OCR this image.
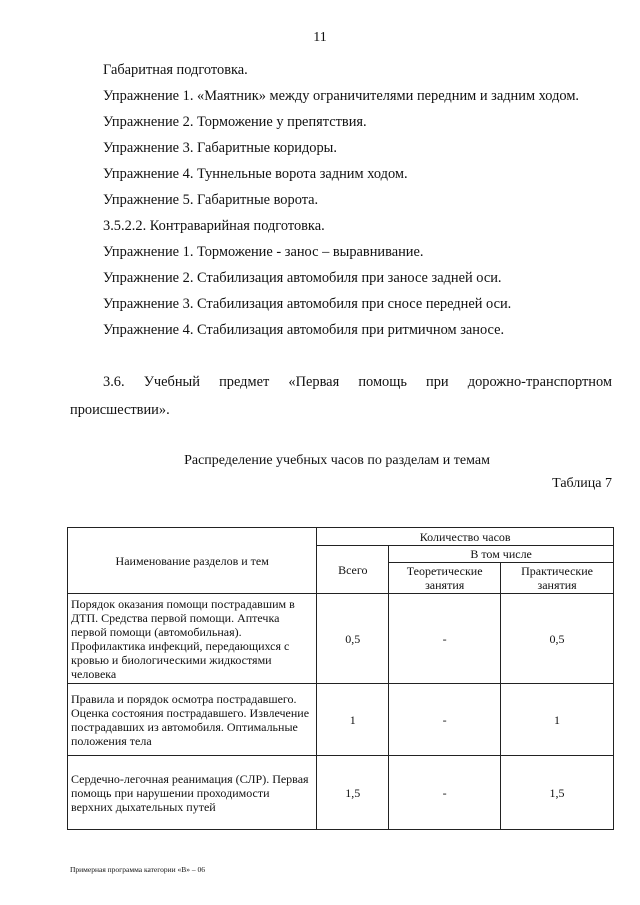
11
Габаритная подготовка.
Упражнение 1. «Маятник» между ограничителями передним и задним ходом.
Упражнение 2. Торможение у препятствия.
Упражнение 3. Габаритные коридоры.
Упражнение 4. Туннельные ворота задним ходом.
Упражнение 5. Габаритные ворота.
3.5.2.2. Контраварийная подготовка.
Упражнение 1. Торможение - занос – выравнивание.
Упражнение 2. Стабилизация автомобиля при заносе задней оси.
Упражнение 3. Стабилизация автомобиля при сносе передней оси.
Упражнение 4. Стабилизация автомобиля при ритмичном заносе.
3.6. Учебный предмет «Первая помощь при дорожно-транспортном
происшествии».
Распределение учебных часов по разделам и темам
Таблица 7
Наименование разделов и тем	Количество часов		
	Всего	В том числе	
		Теоретические занятия	Практические занятия
Порядок оказания помощи пострадавшим в ДТП. Средства первой помощи. Аптечка первой помощи (автомобильная). Профилактика инфекций, передающихся с кровью и биологическими жидкостями человека	0,5	-	0,5
Правила и порядок осмотра пострадавшего. Оценка состояния пострадавшего. Извлечение пострадавших из автомобиля. Оптимальные положения тела	1	-	1
Сердечно-легочная реанимация (СЛР). Первая помощь при нарушении проходимости верхних дыхательных путей	1,5	-	1,5
Примерная программа категории «В» – 06
